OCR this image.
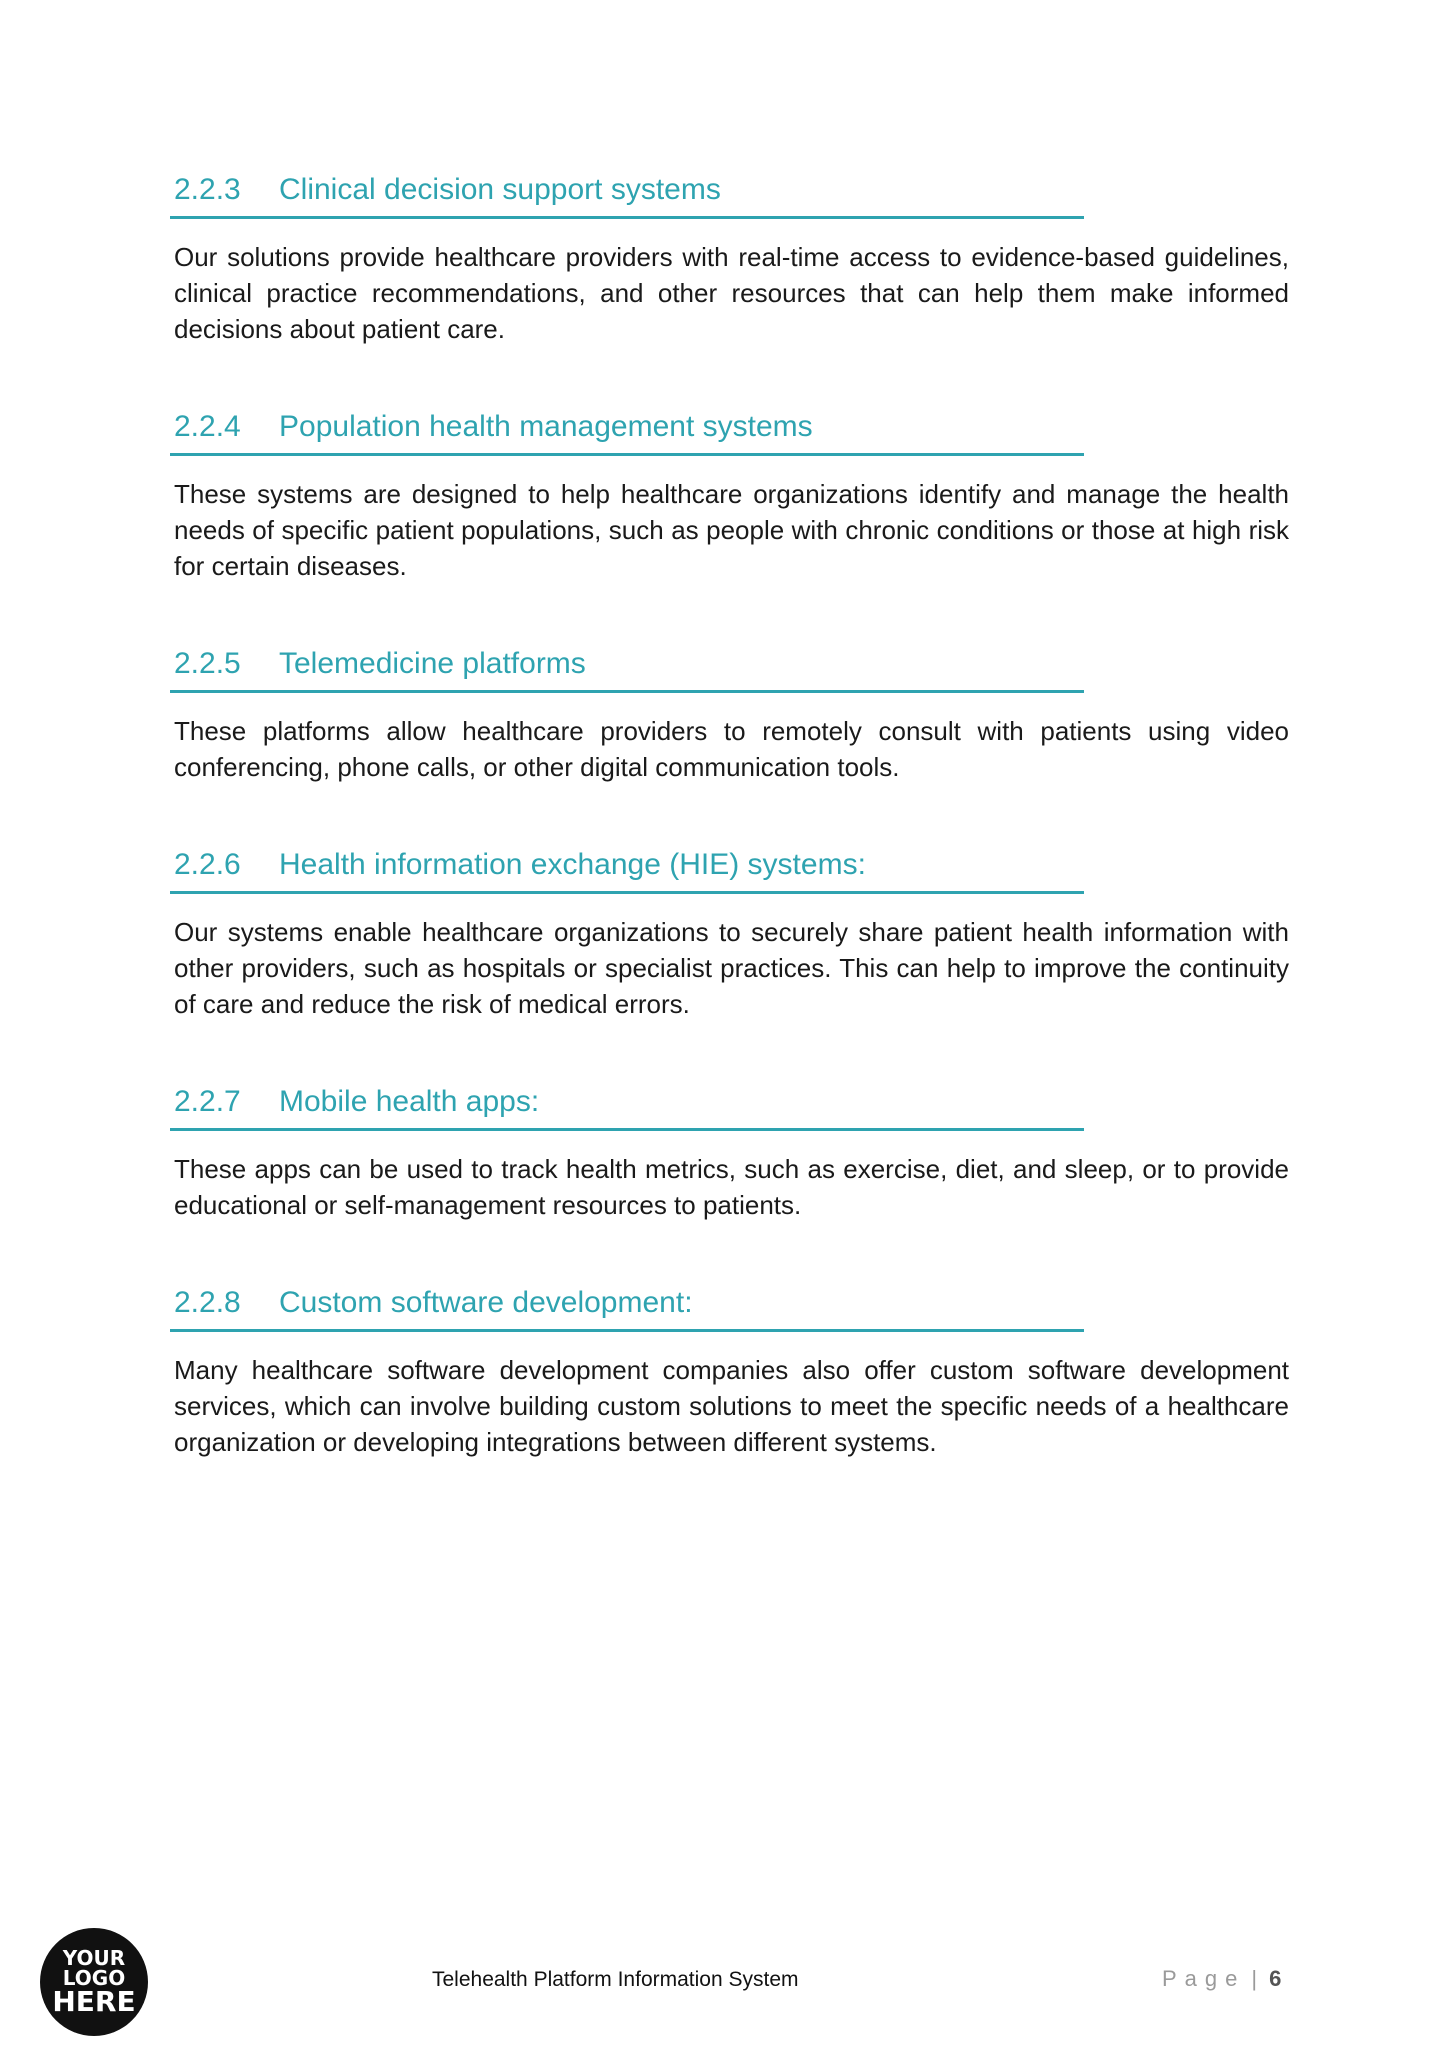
2.2.3	Clinical decision support systems

Our solutions provide healthcare providers with real-time access to evidence-based guidelines, clinical practice recommendations, and other resources that can help them make informed decisions about patient care.

2.2.4	Population health management systems

These systems are designed to help healthcare organizations identify and manage the health needs of specific patient populations, such as people with chronic conditions or those at high risk for certain diseases.

2.2.5	Telemedicine platforms

These platforms allow healthcare providers to remotely consult with patients using video conferencing, phone calls, or other digital communication tools.

2.2.6	Health information exchange (HIE) systems:

Our systems enable healthcare organizations to securely share patient health information with other providers, such as hospitals or specialist practices. This can help to improve the continuity of care and reduce the risk of medical errors.

2.2.7	Mobile health apps:

These apps can be used to track health metrics, such as exercise, diet, and sleep, or to provide educational or self-management resources to patients.

2.2.8	Custom software development:

Many healthcare software development companies also offer custom software development services, which can involve building custom solutions to meet the specific needs of a healthcare organization or developing integrations between different systems.

YOUR
LOGO
HERE
Telehealth Platform Information System	Page | 6
